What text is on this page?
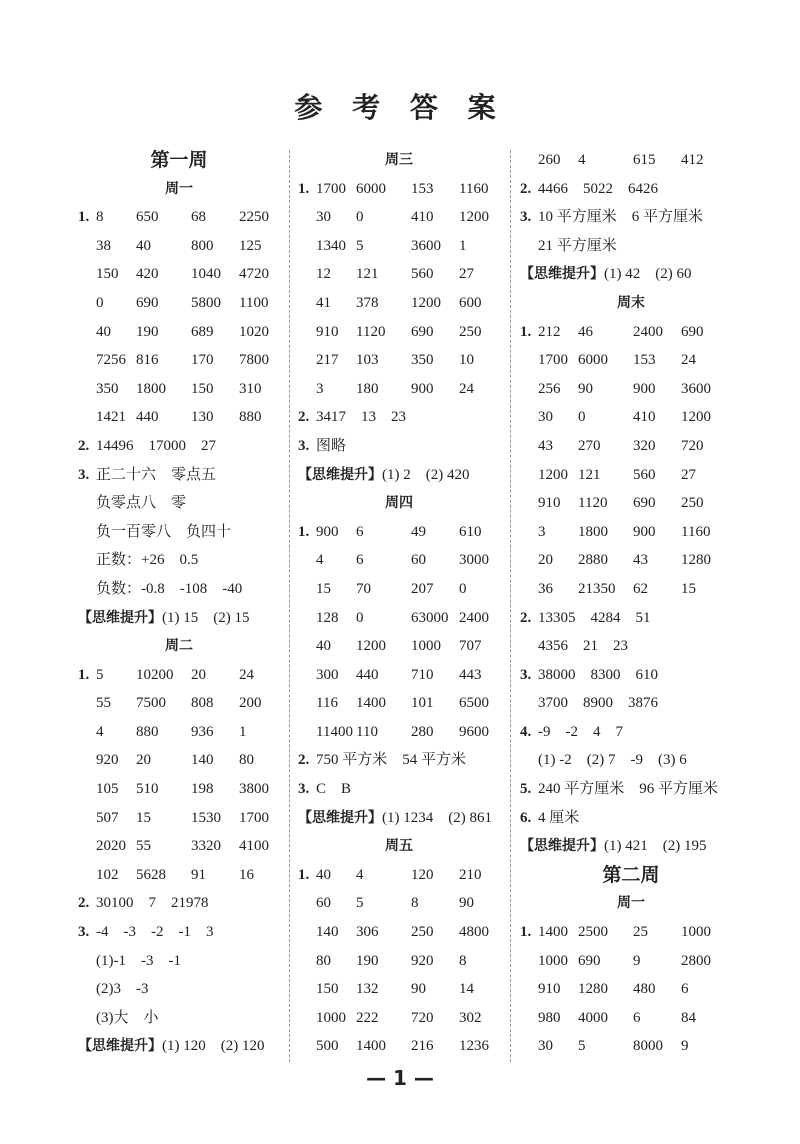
参 考 答 案
第一周
周一
1. 8 650 68 2250
38 40	800 125
150 420 1040 4720
0 690 5800 1100
40 190 689 1020
7256 816 170 7800
350 1800 150 310
1421 440 130 880
2. 14496　17000　27
3. 正二十六　零点五
负零点八　零
负一百零八　负四十
正数：+26　0.5
负数：-0.8　-108　-40
【思维提升】(1) 15　(2) 15
周二
1. 5 10200 20 24
55 7500 808 200
4 880 936 1
920 20	140 80
105 510 198 3800
507 15	1530 1700
2020 55	3320 4100
102 5628 91 16
2. 30100　7　21978
3. -4　-3　-2　-1　3
(1)-1　-3　-1
(2)3　-3
(3)大　小
【思维提升】(1) 120　(2) 120
周三
1. 1700 6000 153 1160
30 0	410 1200
1340 5	3600 1
12 121 560 27
41 378 1200 600
910 1120 690 250
217 103 350 10
3 180 900 24
2. 3417　13　23
3. 图略
【思维提升】(1) 2　(2) 420
周四
1. 900 6	49 610
4 6	60 3000
15 70	207 0
128 0	63000 2400
40 1200 1000 707
300 440 710 443
116 1400 101 6500
11400 110 280 9600
2. 750 平方米　54 平方米
3. C　B
【思维提升】(1) 1234　(2) 861
周五
1. 40 4	120 210
60 5	8	90
140 306 250 4800
80 190 920 8
150 132 90 14
1000 222 720 302
500 1400 216 1236
260 4	615 412
2. 4466　5022　6426
3. 10 平方厘米　6 平方厘米
21 平方厘米
【思维提升】(1) 42　(2) 60
周末
1. 212 46	2400 690
1700 6000 153 24
256 90	900 3600
30 0	410 1200
43 270 320 720
1200 121 560 27
910 1120 690 250
3 1800 900 1160
20 2880 43 1280
36 21350 62 15
2. 13305　4284　51
4356　21　23
3. 38000　8300　610
3700　8900　3876
4. -9　-2　4　7
(1) -2　(2) 7　-9　(3) 6
5. 240 平方厘米　96 平方厘米
6. 4 厘米
【思维提升】(1) 421　(2) 195
第二周
周一
1. 1400 2500 25 1000
1000 690 9	2800
910 1280 480 6
980 4000 6	84
30 5	8000 9
— 1 —
